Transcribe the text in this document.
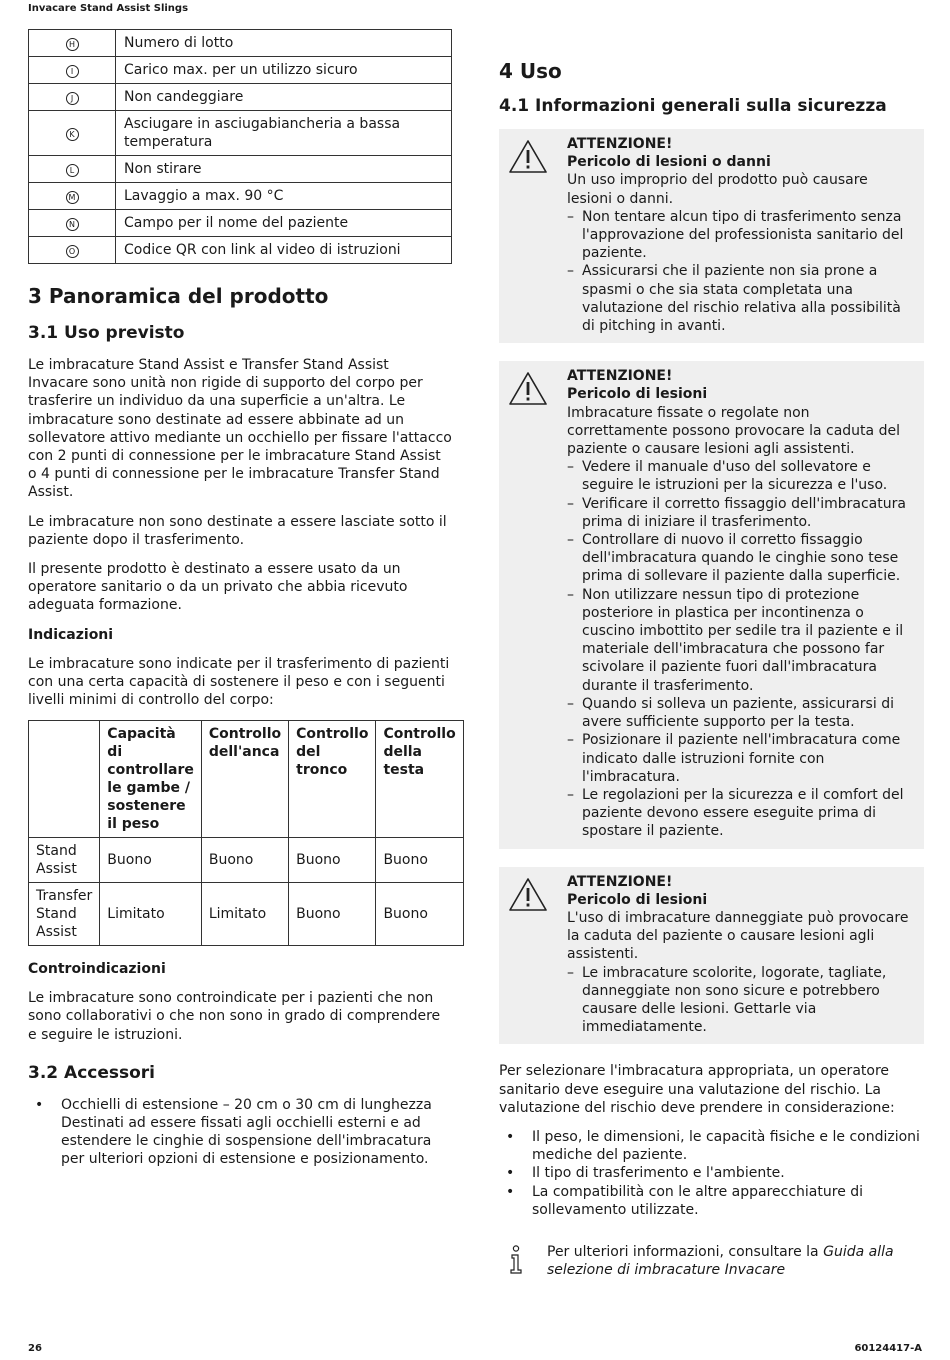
Invacare Stand Assist Slings
H	Numero di lotto
I	Carico max. per un utilizzo sicuro
J	Non candeggiare
K	Asciugare in asciugabiancheria a bassa temperatura
L	Non stirare
M	Lavaggio a max. 90 °C
N	Campo per il nome del paziente
O	Codice QR con link al video di istruzioni
3 Panoramica del prodotto
3.1 Uso previsto

Le imbracature Stand Assist e Transfer Stand Assist Invacare sono unità non rigide di supporto del corpo per trasferire un individuo da una superficie a un'altra. Le imbracature sono destinate ad essere abbinate ad un sollevatore attivo mediante un occhiello per fissare l'attacco con 2 punti di connessione per le imbracature Stand Assist o 4 punti di connessione per le imbracature Transfer Stand Assist.

Le imbracature non sono destinate a essere lasciate sotto il paziente dopo il trasferimento.

Il presente prodotto è destinato a essere usato da un operatore sanitario o da un privato che abbia ricevuto adeguata formazione.

Indicazioni

Le imbracature sono indicate per il trasferimento di pazienti con una certa capacità di sostenere il peso e con i seguenti livelli minimi di controllo del corpo:

	Capacità di controllare le gambe / sostenere il peso	Controllo dell'anca	Controllo del tronco	Controllo della testa
Stand Assist	Buono	Buono	Buono	Buono
Transfer Stand Assist	Limitato	Limitato	Buono	Buono
Controindicazioni

Le imbracature sono controindicate per i pazienti che non sono collaborativi o che non sono in grado di comprendere e seguire le istruzioni.

3.2 Accessori
• Occhielli di estensione – 20 cm o 30 cm di lunghezza Destinati ad essere fissati agli occhielli esterni e ad estendere le cinghie di sospensione dell'imbracatura per ulteriori opzioni di estensione e posizionamento.
4 Uso
4.1 Informazioni generali sulla sicurezza

ATTENZIONE!

Pericolo di lesioni o danni

Un uso improprio del prodotto può causare lesioni o danni.

– Non tentare alcun tipo di trasferimento senza l'approvazione del professionista sanitario del paziente.
– Assicurarsi che il paziente non sia prone a spasmi o che sia stata completata una valutazione del rischio relativa alla possibilità di pitching in avanti.

ATTENZIONE!

Pericolo di lesioni

Imbracature fissate o regolate non correttamente possono provocare la caduta del paziente o causare lesioni agli assistenti.

– Vedere il manuale d'uso del sollevatore e seguire le istruzioni per la sicurezza e l'uso.
– Verificare il corretto fissaggio dell'imbracatura prima di iniziare il trasferimento.
– Controllare di nuovo il corretto fissaggio dell'imbracatura quando le cinghie sono tese prima di sollevare il paziente dalla superficie.
– Non utilizzare nessun tipo di protezione posteriore in plastica per incontinenza o cuscino imbottito per sedile tra il paziente e il materiale dell'imbracatura che possono far scivolare il paziente fuori dall'imbracatura durante il trasferimento.
– Quando si solleva un paziente, assicurarsi di avere sufficiente supporto per la testa.
– Posizionare il paziente nell'imbracatura come indicato dalle istruzioni fornite con l'imbracatura.
– Le regolazioni per la sicurezza e il comfort del paziente devono essere eseguite prima di spostare il paziente.

ATTENZIONE!

Pericolo di lesioni

L'uso di imbracature danneggiate può provocare la caduta del paziente o causare lesioni agli assistenti.

– Le imbracature scolorite, logorate, tagliate, danneggiate non sono sicure e potrebbero causare delle lesioni. Gettarle via immediatamente.

Per selezionare l'imbracatura appropriata, un operatore sanitario deve eseguire una valutazione del rischio. La valutazione del rischio deve prendere in considerazione:

• Il peso, le dimensioni, le capacità fisiche e le condizioni mediche del paziente.
• Il tipo di trasferimento e l'ambiente.
• La compatibilità con le altre apparecchiature di sollevamento utilizzate.

Per ulteriori informazioni, consultare la Guida alla selezione di imbracature Invacare

26	60124417-A
